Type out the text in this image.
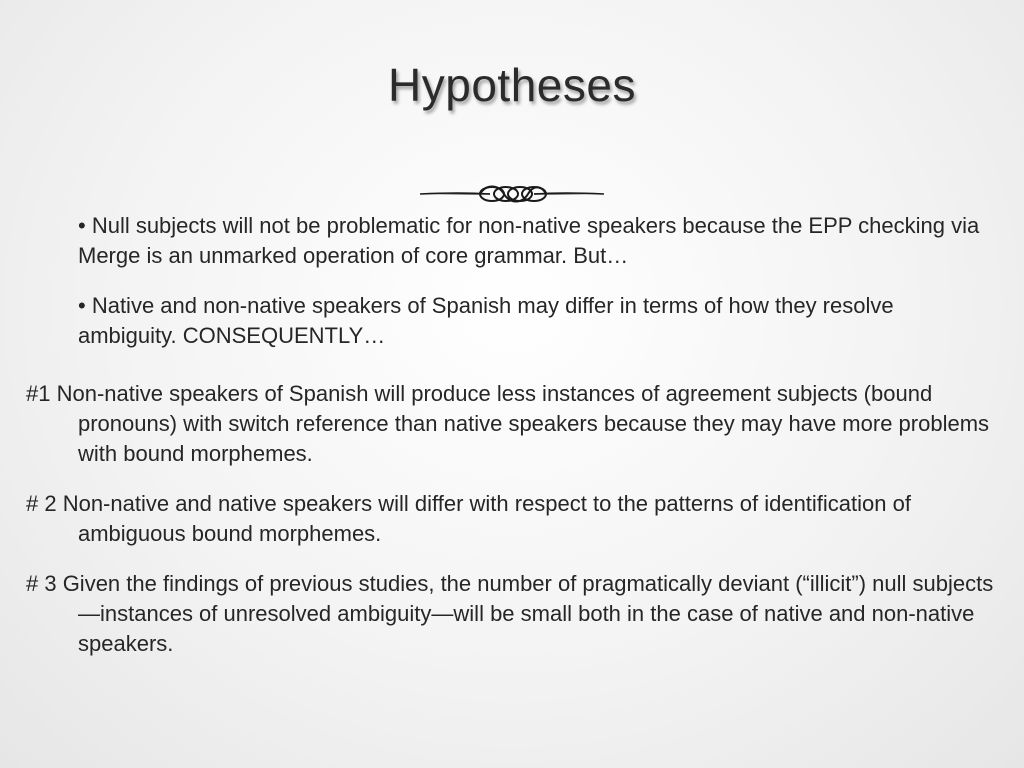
Hypotheses

• Null subjects will not be problematic for non-native speakers because the EPP checking via Merge is an unmarked operation of core grammar. But…

• Native and non-native speakers of Spanish may differ in terms of how they resolve ambiguity. CONSEQUENTLY…

#1 Non-native speakers of Spanish will produce less instances of agreement subjects (bound pronouns) with switch reference than native speakers because they may have more problems with bound morphemes.

# 2 Non-native and native speakers will differ with respect to the patterns of identification of ambiguous bound morphemes.

# 3 Given the findings of previous studies, the number of pragmatically deviant (“illicit”) null subjects—instances of unresolved ambiguity—will be small both in the case of native and non-native speakers.
